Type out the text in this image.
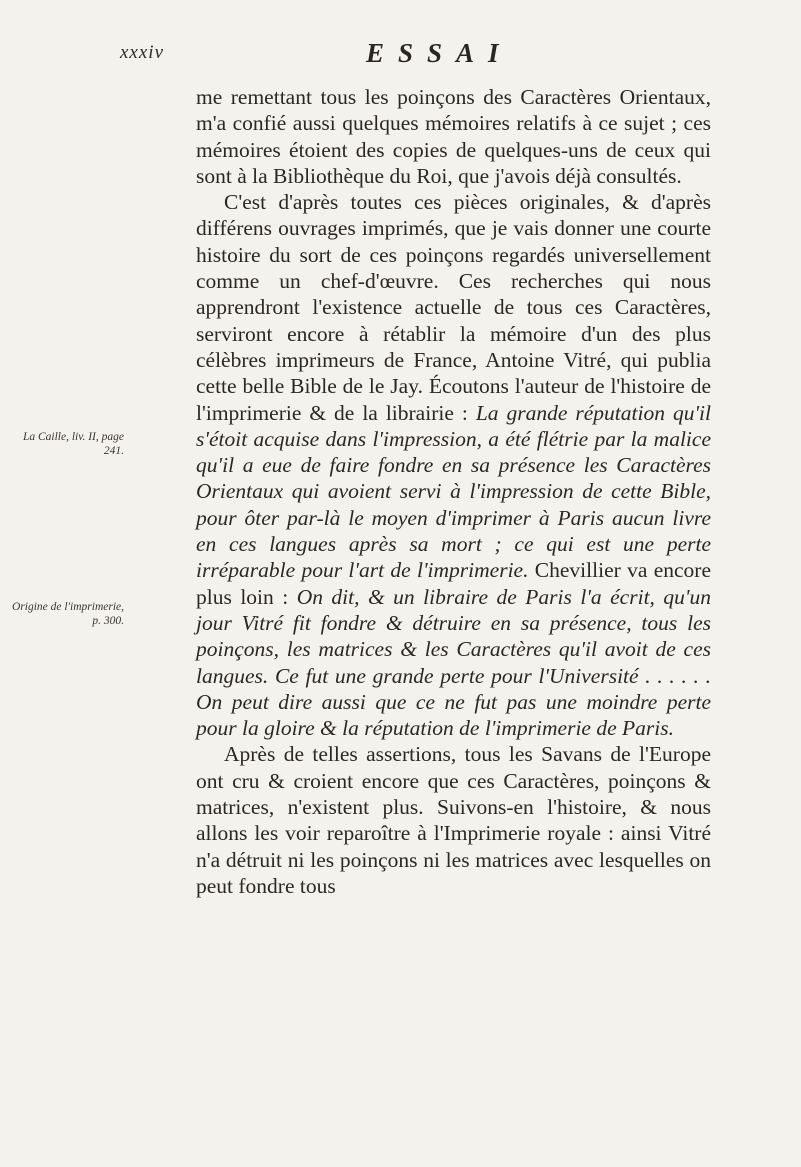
xxxiv	ESSAI
La Caille, liv. II, page 241.
Origine de l'imprimerie, p. 300.

me remettant tous les poinçons des Caractères Orientaux, m'a confié aussi quelques mémoires relatifs à ce sujet ; ces mémoires étoient des copies de quelques-uns de ceux qui sont à la Bibliothèque du Roi, que j'avois déjà consultés.

C'est d'après toutes ces pièces originales, & d'après différens ouvrages imprimés, que je vais donner une courte histoire du sort de ces poinçons regardés universellement comme un chef-d'œuvre. Ces recherches qui nous apprendront l'existence actuelle de tous ces Caractères, serviront encore à rétablir la mémoire d'un des plus célèbres imprimeurs de France, Antoine Vitré, qui publia cette belle Bible de le Jay. Écoutons l'auteur de l'histoire de l'imprimerie & de la librairie : La grande réputation qu'il s'étoit acquise dans l'impression, a été flétrie par la malice qu'il a eue de faire fondre en sa présence les Caractères Orientaux qui avoient servi à l'impression de cette Bible, pour ôter par-là le moyen d'imprimer à Paris aucun livre en ces langues après sa mort ; ce qui est une perte irréparable pour l'art de l'imprimerie. Chevillier va encore plus loin : On dit, & un libraire de Paris l'a écrit, qu'un jour Vitré fit fondre & détruire en sa présence, tous les poinçons, les matrices & les Caractères qu'il avoit de ces langues. Ce fut une grande perte pour l'Université . . . . . . On peut dire aussi que ce ne fut pas une moindre perte pour la gloire & la réputation de l'imprimerie de Paris.

Après de telles assertions, tous les Savans de l'Europe ont cru & croient encore que ces Caractères, poinçons & matrices, n'existent plus. Suivons-en l'histoire, & nous allons les voir reparoître à l'Imprimerie royale : ainsi Vitré n'a détruit ni les poinçons ni les matrices avec lesquelles on peut fondre tous
